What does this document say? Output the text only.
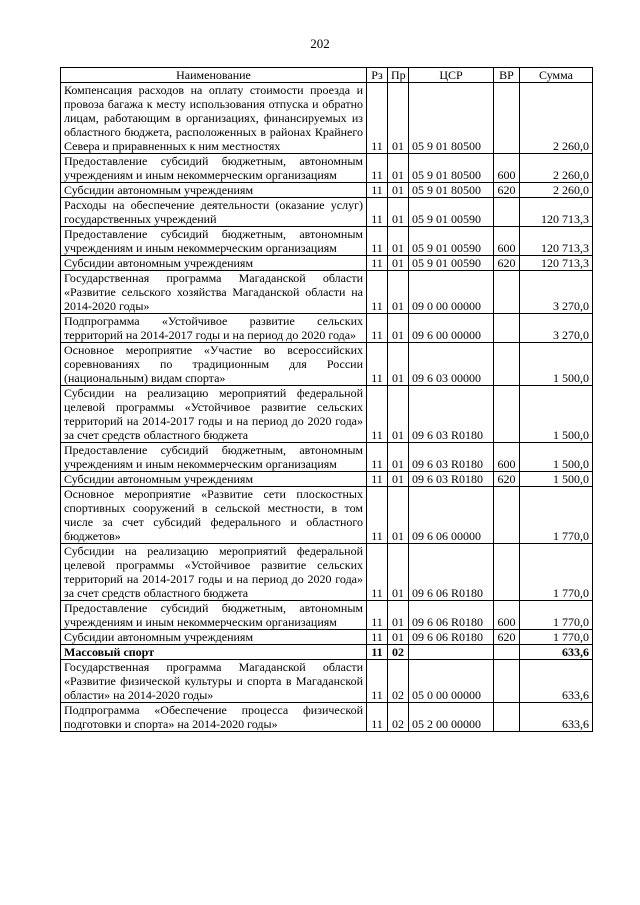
202
Наименование	Рз	Пр	ЦСР	ВР	Сумма
Компенсация расходов на оплату стоимости проезда и провоза багажа к месту использования отпуска и обратно лицам, работающим в организациях, финансируемых из областного бюджета, расположенных в районах Крайнего Севера и приравненных к ним местностях	11	01	05 9 01 80500		2 260,0
Предоставление субсидий бюджетным, автономным учреждениям и иным некоммерческим организациям	11	01	05 9 01 80500	600	2 260,0
Субсидии автономным учреждениям	11	01	05 9 01 80500	620	2 260,0
Расходы на обеспечение деятельности (оказание услуг) государственных учреждений	11	01	05 9 01 00590		120 713,3
Предоставление субсидий бюджетным, автономным учреждениям и иным некоммерческим организациям	11	01	05 9 01 00590	600	120 713,3
Субсидии автономным учреждениям	11	01	05 9 01 00590	620	120 713,3
Государственная программа Магаданской области «Развитие сельского хозяйства Магаданской области на 2014-2020 годы»	11	01	09 0 00 00000		3 270,0
Подпрограмма «Устойчивое развитие сельских территорий на 2014-2017 годы и на период до 2020 года»	11	01	09 6 00 00000		3 270,0
Основное мероприятие «Участие во всероссийских соревнованиях по традиционным для России (национальным) видам спорта»	11	01	09 6 03 00000		1 500,0
Субсидии на реализацию мероприятий федеральной целевой программы «Устойчивое развитие сельских территорий на 2014-2017 годы и на период до 2020 года» за счет средств областного бюджета	11	01	09 6 03 R0180		1 500,0
Предоставление субсидий бюджетным, автономным учреждениям и иным некоммерческим организациям	11	01	09 6 03 R0180	600	1 500,0
Субсидии автономным учреждениям	11	01	09 6 03 R0180	620	1 500,0
Основное мероприятие «Развитие сети плоскостных спортивных сооружений в сельской местности, в том числе за счет субсидий федерального и областного бюджетов»	11	01	09 6 06 00000		1 770,0
Субсидии на реализацию мероприятий федеральной целевой программы «Устойчивое развитие сельских территорий на 2014-2017 годы и на период до 2020 года» за счет средств областного бюджета	11	01	09 6 06 R0180		1 770,0
Предоставление субсидий бюджетным, автономным учреждениям и иным некоммерческим организациям	11	01	09 6 06 R0180	600	1 770,0
Субсидии автономным учреждениям	11	01	09 6 06 R0180	620	1 770,0
Массовый спорт	11	02			633,6
Государственная программа Магаданской области «Развитие физической культуры и спорта в Магаданской области» на 2014-2020 годы»	11	02	05 0 00 00000		633,6
Подпрограмма «Обеспечение процесса физической подготовки и спорта» на 2014-2020 годы»	11	02	05 2 00 00000		633,6
